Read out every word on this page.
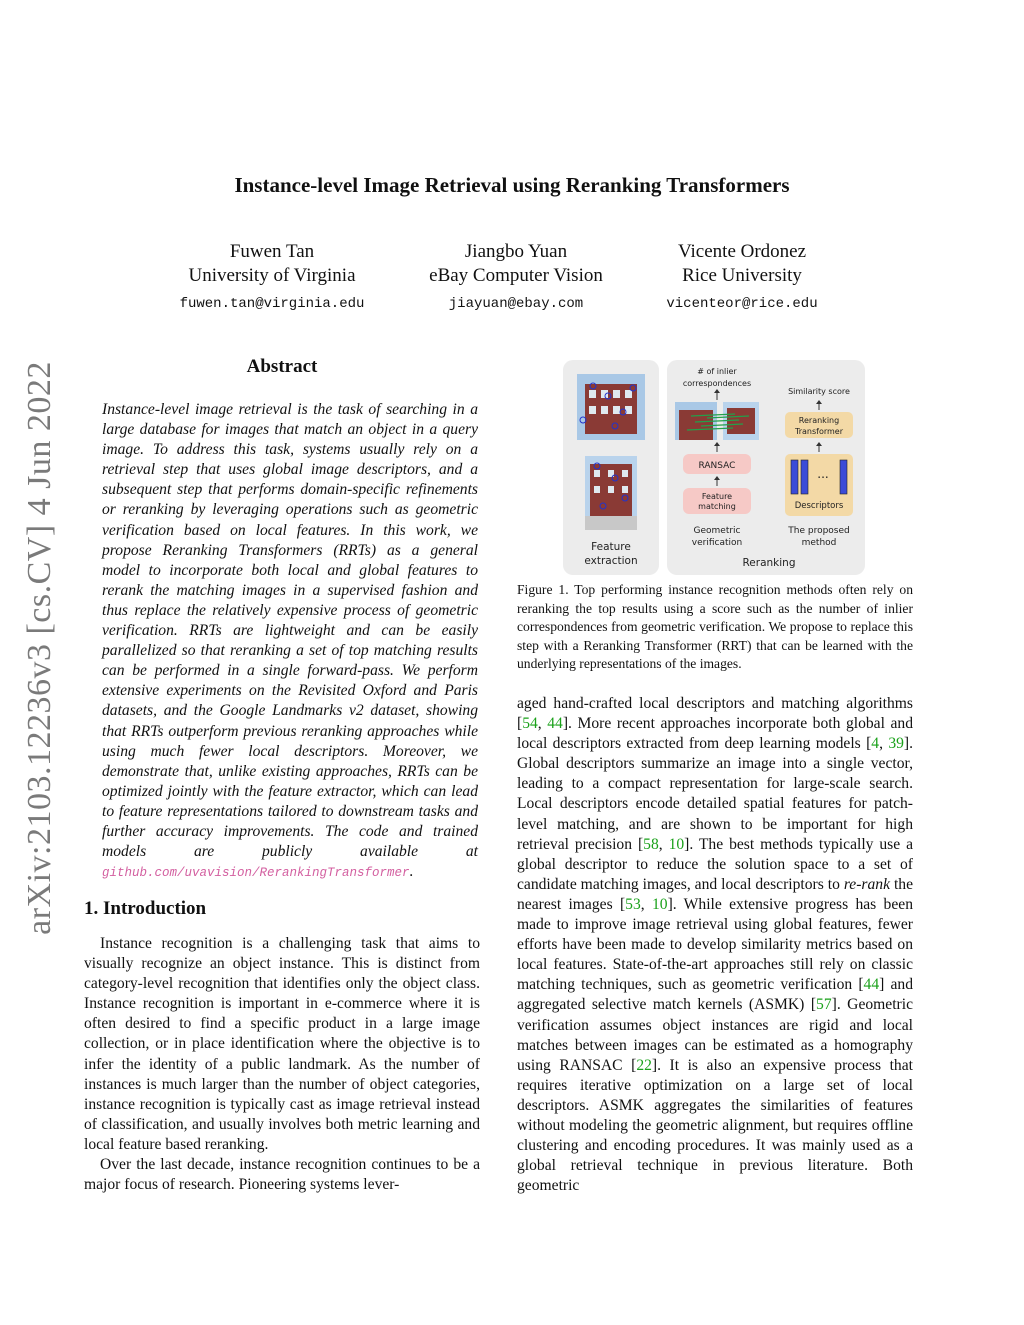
arXiv:2103.12236v3 [cs.CV] 4 Jun 2022
Instance-level Image Retrieval using Reranking Transformers
Fuwen Tan
University of Virginia
fuwen.tan@virginia.edu
Jiangbo Yuan
eBay Computer Vision
jiayuan@ebay.com
Vicente Ordonez
Rice University
vicenteor@rice.edu
Abstract

Instance-level image retrieval is the task of searching in a large database for images that match an object in a query image. To address this task, systems usually rely on a retrieval step that uses global image descriptors, and a subsequent step that performs domain-specific refinements or reranking by leveraging operations such as geometric verification based on local features. In this work, we propose Reranking Transformers (RRTs) as a general model to incorporate both local and global features to rerank the matching images in a supervised fashion and thus replace the relatively expensive process of geometric verification. RRTs are lightweight and can be easily parallelized so that reranking a set of top matching results can be performed in a single forward-pass. We perform extensive experiments on the Revisited Oxford and Paris datasets, and the Google Landmarks v2 dataset, showing that RRTs outperform previous reranking approaches while using much fewer local descriptors. Moreover, we demonstrate that, unlike existing approaches, RRTs can be optimized jointly with the feature extractor, which can lead to feature representations tailored to downstream tasks and further accuracy improvements. The code and trained models are publicly available at github.com/uvavision/RerankingTransformer.

1. Introduction

Instance recognition is a challenging task that aims to visually recognize an object instance. This is distinct from category-level recognition that identifies only the object class. Instance recognition is important in e-commerce where it is often desired to find a specific product in a large image collection, or in place identification where the objective is to infer the identity of a public landmark. As the number of instances is much larger than the number of object categories, instance recognition is typically cast as image retrieval instead of classification, and usually involves both metric learning and local feature based reranking.

Over the last decade, instance recognition continues to be a major focus of research. Pioneering systems lever-

Feature
extraction
# of inlier
correspondences
RANSAC
Feature
matching
Geometric
verification
Similarity score
Reranking
Transformer
...
Descriptors
The proposed
method
Reranking
Figure 1. Top performing instance recognition methods often rely on reranking the top results using a score such as the number of inlier correspondences from geometric verification. We propose to replace this step with a Reranking Transformer (RRT) that can be learned with the underlying representations of the images.

aged hand-crafted local descriptors and matching algorithms [54, 44]. More recent approaches incorporate both global and local descriptors extracted from deep learning models [4, 39]. Global descriptors summarize an image into a single vector, leading to a compact representation for large-scale search. Local descriptors encode detailed spatial features for patch-level matching, and are shown to be important for high retrieval precision [58, 10]. The best methods typically use a global descriptor to reduce the solution space to a set of candidate matching images, and local descriptors to re-rank the nearest images [53, 10]. While extensive progress has been made to improve image retrieval using global features, fewer efforts have been made to develop similarity metrics based on local features. State-of-the-art approaches still rely on classic matching techniques, such as geometric verification [44] and aggregated selective match kernels (ASMK) [57]. Geometric verification assumes object instances are rigid and local matches between images can be estimated as a homography using RANSAC [22]. It is also an expensive process that requires iterative optimization on a large set of local descriptors. ASMK aggregates the similarities of features without modeling the geometric alignment, but requires offline clustering and encoding procedures. It was mainly used as a global retrieval technique in previous literature. Both geometric
